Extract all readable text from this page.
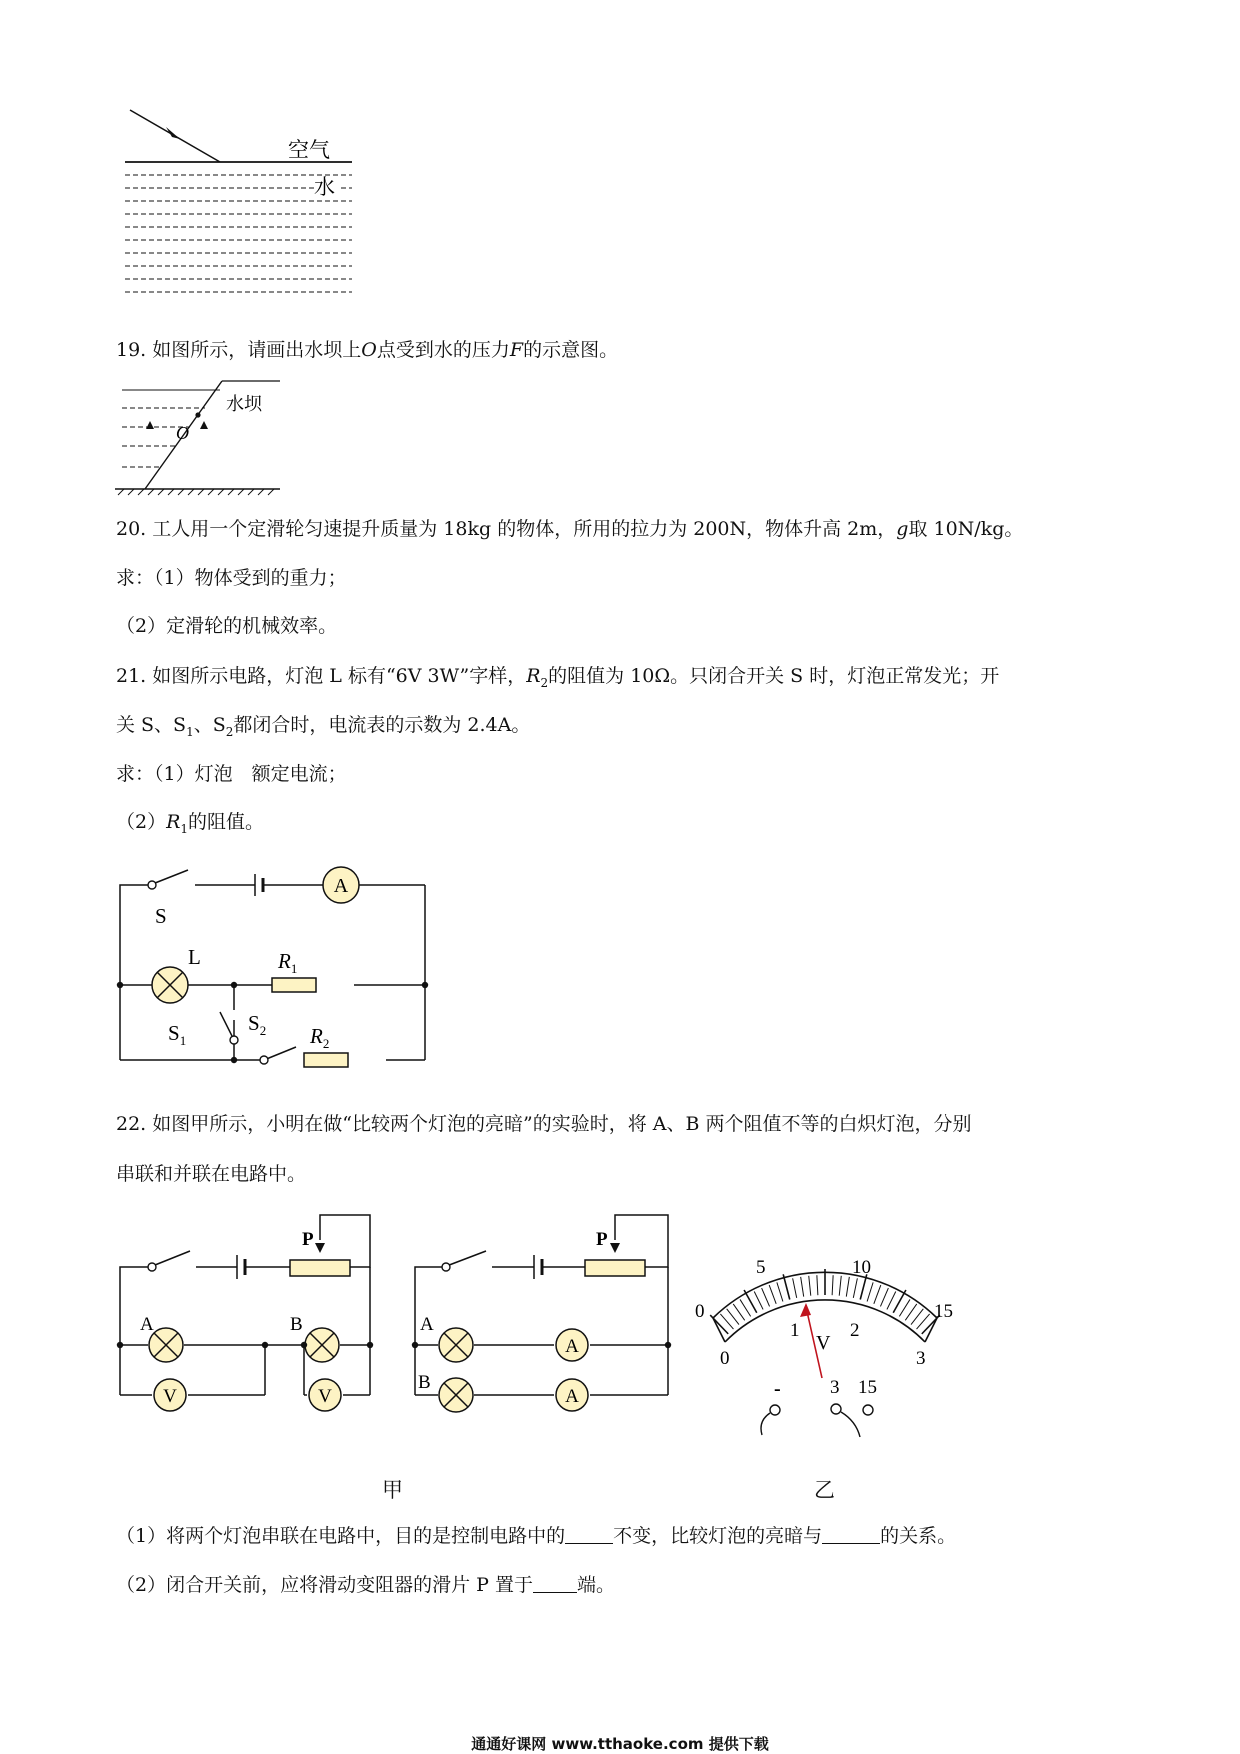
空气
水
19. 如图所示，请画出水坝上O点受到水的压力F的示意图。
水坝
O
20. 工人用一个定滑轮匀速提升质量为 18kg 的物体，所用的拉力为 200N，物体升高 2m，g取 10N/kg。
求：（1）物体受到的重力；
（2）定滑轮的机械效率。
21. 如图所示电路，灯泡 L 标有“6V 3W”字样，$R_2$的阻值为 10Ω。只闭合开关 S 时，灯泡正常发光；开
关 S、$S_1$、$S_2$都闭合时，电流表的示数为 2.4A。
求：（1）灯泡　额定电流；
$(2)R_1$的阻值。
A
S
L	$R_1$
$S_1$
$S_2$ $R_2$
22. 如图甲所示，小明在做“比较两个灯泡的亮暗”的实验时，将 A、B 两个阻值不等的白炽灯泡，分别
串联和并联在电路中。
V	V
P
A	B
A
A
P
A
B
0
5	10
15
0
1	2
3
V
-	3 15
甲	乙
（1）将两个灯泡串联在电路中，目的是控制电路中的	不变，比较灯泡的亮暗与	的关系。
（2）闭合开关前，应将滑动变阻器的滑片 P 置于 端。
通通好课网 www.tthaoke.com 提供下载
